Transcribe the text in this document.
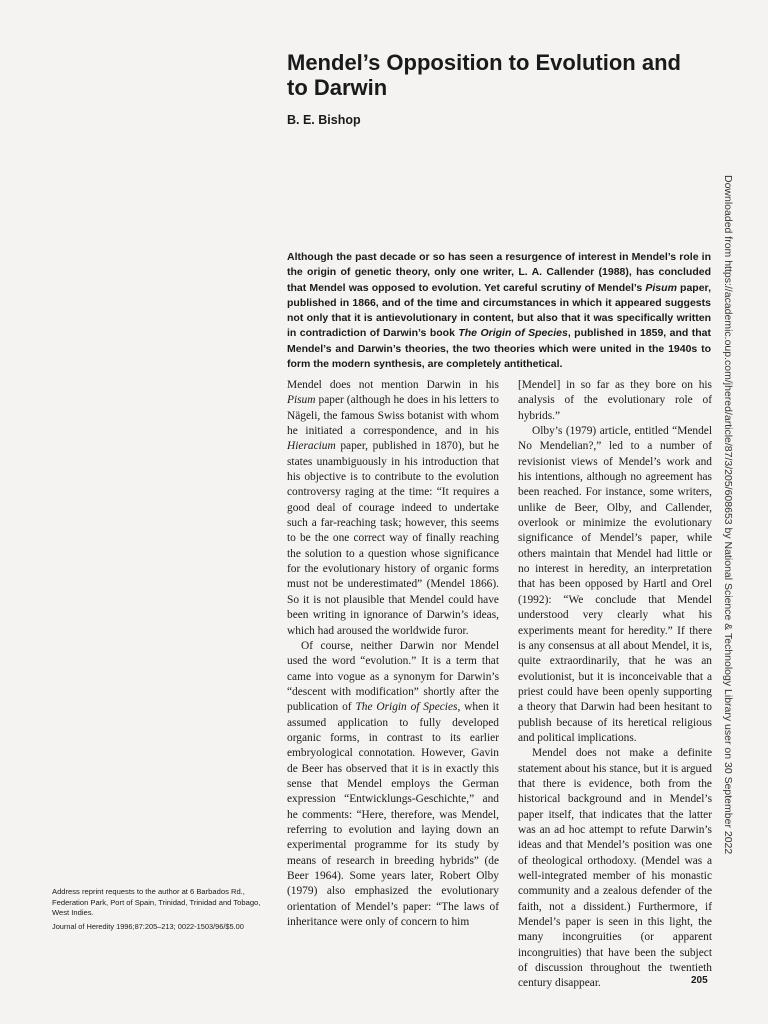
Mendel’s Opposition to Evolution and to Darwin

B. E. Bishop

Although the past decade or so has seen a resurgence of interest in Mendel’s role in the origin of genetic theory, only one writer, L. A. Callender (1988), has concluded that Mendel was opposed to evolution. Yet careful scrutiny of Mendel’s Pisum paper, published in 1866, and of the time and circumstances in which it appeared suggests not only that it is antievolutionary in content, but also that it was specifically written in contradiction of Darwin’s book The Origin of Species, published in 1859, and that Mendel’s and Darwin’s theories, the two theories which were united in the 1940s to form the modern synthesis, are completely antithetical.

Mendel does not mention Darwin in his Pisum paper (although he does in his letters to Nägeli, the famous Swiss botanist with whom he initiated a correspondence, and in his Hieracium paper, published in 1870), but he states unambiguously in his introduction that his objective is to contribute to the evolution controversy raging at the time: “It requires a good deal of courage indeed to undertake such a far-reaching task; however, this seems to be the one correct way of finally reaching the solution to a question whose significance for the evolutionary history of organic forms must not be underestimated” (Mendel 1866). So it is not plausible that Mendel could have been writing in ignorance of Darwin’s ideas, which had aroused the worldwide furor.

Of course, neither Darwin nor Mendel used the word “evolution.” It is a term that came into vogue as a synonym for Darwin’s “descent with modification” shortly after the publication of The Origin of Species, when it assumed application to fully developed organic forms, in contrast to its earlier embryological connotation. However, Gavin de Beer has observed that it is in exactly this sense that Mendel employs the German expression “Entwicklungs-Geschichte,” and he comments: “Here, therefore, was Mendel, referring to evolution and laying down an experimental programme for its study by means of research in breeding hybrids” (de Beer 1964). Some years later, Robert Olby (1979) also emphasized the evolutionary orientation of Mendel’s paper: “The laws of inheritance were only of concern to him

[Mendel] in so far as they bore on his analysis of the evolutionary role of hybrids.”

Olby’s (1979) article, entitled “Mendel No Mendelian?,” led to a number of revisionist views of Mendel’s work and his intentions, although no agreement has been reached. For instance, some writers, unlike de Beer, Olby, and Callender, overlook or minimize the evolutionary significance of Mendel’s paper, while others maintain that Mendel had little or no interest in heredity, an interpretation that has been opposed by Hartl and Orel (1992): “We conclude that Mendel understood very clearly what his experiments meant for heredity.” If there is any consensus at all about Mendel, it is, quite extraordinarily, that he was an evolutionist, but it is inconceivable that a priest could have been openly supporting a theory that Darwin had been hesitant to publish because of its heretical religious and political implications.

Mendel does not make a definite statement about his stance, but it is argued that there is evidence, both from the historical background and in Mendel’s paper itself, that indicates that the latter was an ad hoc attempt to refute Darwin’s ideas and that Mendel’s position was one of theological orthodoxy. (Mendel was a well-integrated member of his monastic community and a zealous defender of the faith, not a dissident.) Furthermore, if Mendel’s paper is seen in this light, the many incongruities (or apparent incongruities) that have been the subject of discussion throughout the twentieth century disappear.

Address reprint requests to the author at 6 Barbados Rd., Federation Park, Port of Spain, Trinidad, Trinidad and Tobago, West Indies.

Journal of Heredity 1996;87:205–213; 0022-1503/96/$5.00

205
Downloaded from https://academic.oup.com/jhered/article/87/3/205/608653 by National Science & Technology Library user on 30 September 2022
